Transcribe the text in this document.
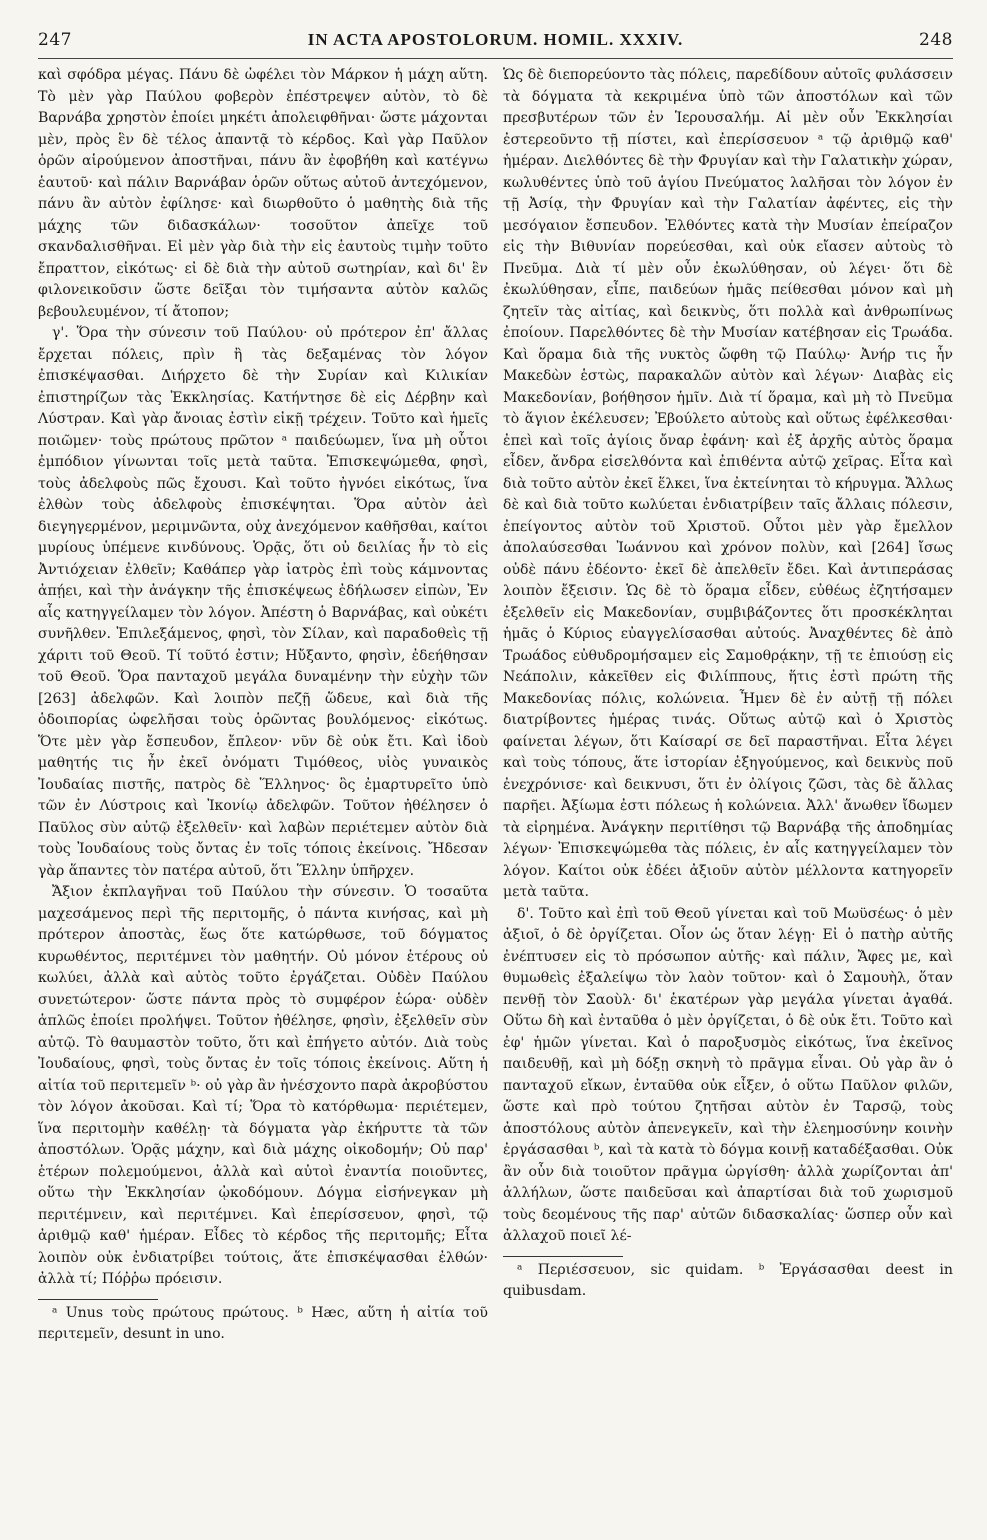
247	IN ACTA APOSTOLORUM. HOMIL. XXXIV.	248

καὶ σφόδρα μέγας. Πάνυ δὲ ὠφέλει τὸν Μάρκον ἡ μάχη αὕτη. Τὸ μὲν γὰρ Παύλου φοβερὸν ἐπέστρεψεν αὐτὸν, τὸ δὲ Βαρνάβα χρηστὸν ἐποίει μηκέτι ἀπολειφθῆναι· ὥστε μάχονται μὲν, πρὸς ἓν δὲ τέλος ἀπαντᾷ τὸ κέρδος. Καὶ γὰρ Παῦλον ὁρῶν αἱρούμενον ἀποστῆναι, πάνυ ἂν ἐφοβήθη καὶ κατέγνω ἑαυτοῦ· καὶ πάλιν Βαρνάβαν ὁρῶν οὕτως αὐτοῦ ἀντεχόμενον, πάνυ ἂν αὐτὸν ἐφίλησε· καὶ διωρθοῦτο ὁ μαθητὴς διὰ τῆς μάχης τῶν διδασκάλων· τοσοῦτον ἀπεῖχε τοῦ σκανδαλισθῆναι. Εἰ μὲν γὰρ διὰ τὴν εἰς ἑαυτοὺς τιμὴν τοῦτο ἔπραττον, εἰκότως· εἰ δὲ διὰ τὴν αὐτοῦ σωτηρίαν, καὶ δι' ἓν φιλονεικοῦσιν ὥστε δεῖξαι τὸν τιμήσαντα αὐτὸν καλῶς βεβουλευμένον, τί ἄτοπον;

γ'. Ὅρα τὴν σύνεσιν τοῦ Παύλου· οὐ πρότερον ἐπ' ἄλλας ἔρχεται πόλεις, πρὶν ἢ τὰς δεξαμένας τὸν λόγον ἐπισκέψασθαι. Διήρχετο δὲ τὴν Συρίαν καὶ Κιλικίαν ἐπιστηρίζων τὰς Ἐκκλησίας. Κατήντησε δὲ εἰς Δέρβην καὶ Λύστραν. Καὶ γὰρ ἄνοιας ἐστὶν εἰκῇ τρέχειν. Τοῦτο καὶ ἡμεῖς ποιῶμεν· τοὺς πρώτους πρῶτον ᵃ παιδεύωμεν, ἵνα μὴ οὗτοι ἐμπόδιον γίνωνται τοῖς μετὰ ταῦτα. Ἐπισκεψώμεθα, φησὶ, τοὺς ἀδελφοὺς πῶς ἔχουσι. Καὶ τοῦτο ἠγνόει εἰκότως, ἵνα ἐλθὼν τοὺς ἀδελφοὺς ἐπισκέψηται. Ὅρα αὐτὸν ἀεὶ διεγηγερμένον, μεριμνῶντα, οὐχ ἀνεχόμενον καθῆσθαι, καίτοι μυρίους ὑπέμενε κινδύνους. Ὁρᾷς, ὅτι οὐ δειλίας ἦν τὸ εἰς Ἀντιόχειαν ἐλθεῖν; Καθάπερ γὰρ ἰατρὸς ἐπὶ τοὺς κάμνοντας ἀπῄει, καὶ τὴν ἀνάγκην τῆς ἐπισκέψεως ἐδήλωσεν εἰπὼν, Ἐν αἷς κατηγγείλαμεν τὸν λόγον. Ἀπέστη ὁ Βαρνάβας, καὶ οὐκέτι συνῆλθεν. Ἐπιλεξάμενος, φησὶ, τὸν Σίλαν, καὶ παραδοθεὶς τῇ χάριτι τοῦ Θεοῦ. Τί τοῦτό ἐστιν; Ηὔξαντο, φησὶν, ἐδεήθησαν τοῦ Θεοῦ. Ὅρα πανταχοῦ μεγάλα δυναμένην τὴν εὐχὴν τῶν [263] ἀδελφῶν. Καὶ λοιπὸν πεζῇ ὥδευε, καὶ διὰ τῆς ὁδοιπορίας ὠφελῆσαι τοὺς ὁρῶντας βουλόμενος· εἰκότως. Ὅτε μὲν γὰρ ἔσπευδον, ἔπλεον· νῦν δὲ οὐκ ἔτι. Καὶ ἰδοὺ μαθητής τις ἦν ἐκεῖ ὀνόματι Τιμόθεος, υἱὸς γυναικὸς Ἰουδαίας πιστῆς, πατρὸς δὲ Ἕλληνος· ὃς ἐμαρτυρεῖτο ὑπὸ τῶν ἐν Λύστροις καὶ Ἰκονίῳ ἀδελφῶν. Τοῦτον ἠθέλησεν ὁ Παῦλος σὺν αὐτῷ ἐξελθεῖν· καὶ λαβὼν περιέτεμεν αὐτὸν διὰ τοὺς Ἰουδαίους τοὺς ὄντας ἐν τοῖς τόποις ἐκείνοις. Ἤδεσαν γὰρ ἅπαντες τὸν πατέρα αὐτοῦ, ὅτι Ἕλλην ὑπῆρχεν.

Ἄξιον ἐκπλαγῆναι τοῦ Παύλου τὴν σύνεσιν. Ὁ τοσαῦτα μαχεσάμενος περὶ τῆς περιτομῆς, ὁ πάντα κινήσας, καὶ μὴ πρότερον ἀποστὰς, ἕως ὅτε κατώρθωσε, τοῦ δόγματος κυρωθέντος, περιτέμνει τὸν μαθητήν. Οὐ μόνον ἑτέρους οὐ κωλύει, ἀλλὰ καὶ αὐτὸς τοῦτο ἐργάζεται. Οὐδὲν Παύλου συνετώτερον· ὥστε πάντα πρὸς τὸ συμφέρον ἑώρα· οὐδὲν ἁπλῶς ἐποίει προλήψει. Τοῦτον ἠθέλησε, φησὶν, ἐξελθεῖν σὺν αὐτῷ. Τὸ θαυμαστὸν τοῦτο, ὅτι καὶ ἐπήγετο αὐτόν. Διὰ τοὺς Ἰουδαίους, φησὶ, τοὺς ὄντας ἐν τοῖς τόποις ἐκείνοις. Αὕτη ἡ αἰτία τοῦ περιτεμεῖν ᵇ· οὐ γὰρ ἂν ἠνέσχοντο παρὰ ἀκροβύστου τὸν λόγον ἀκοῦσαι. Καὶ τί; Ὅρα τὸ κατόρθωμα· περιέτεμεν, ἵνα περιτομὴν καθέλῃ· τὰ δόγματα γὰρ ἐκήρυττε τὰ τῶν ἀποστόλων. Ὁρᾷς μάχην, καὶ διὰ μάχης οἰκοδομήν; Οὐ παρ' ἑτέρων πολεμούμενοι, ἀλλὰ καὶ αὐτοὶ ἐναντία ποιοῦντες, οὕτω τὴν Ἐκκλησίαν ᾠκοδόμουν. Δόγμα εἰσήνεγκαν μὴ περιτέμνειν, καὶ περιτέμνει. Καὶ ἐπερίσσευον, φησὶ, τῷ ἀριθμῷ καθ' ἡμέραν. Εἶδες τὸ κέρδος τῆς περιτομῆς; Εἶτα λοιπὸν οὐκ ἐνδιατρίβει τούτοις, ἅτε ἐπισκέψασθαι ἐλθών· ἀλλὰ τί; Πόῤῥω πρόεισιν.

ᵃ Unus τοὺς πρώτους πρώτους. ᵇ Hæc, αὕτη ἡ αἰτία τοῦ περιτεμεῖν, desunt in uno.

Ὡς δὲ διεπορεύοντο τὰς πόλεις, παρεδίδουν αὐτοῖς φυλάσσειν τὰ δόγματα τὰ κεκριμένα ὑπὸ τῶν ἀποστόλων καὶ τῶν πρεσβυτέρων τῶν ἐν Ἱερουσαλήμ. Αἱ μὲν οὖν Ἐκκλησίαι ἐστερεοῦντο τῇ πίστει, καὶ ἐπερίσσευον ᵃ τῷ ἀριθμῷ καθ' ἡμέραν. Διελθόντες δὲ τὴν Φρυγίαν καὶ τὴν Γαλατικὴν χώραν, κωλυθέντες ὑπὸ τοῦ ἁγίου Πνεύματος λαλῆσαι τὸν λόγον ἐν τῇ Ἀσίᾳ, τὴν Φρυγίαν καὶ τὴν Γαλατίαν ἀφέντες, εἰς τὴν μεσόγαιον ἔσπευδον. Ἐλθόντες κατὰ τὴν Μυσίαν ἐπείραζον εἰς τὴν Βιθυνίαν πορεύεσθαι, καὶ οὐκ εἴασεν αὐτοὺς τὸ Πνεῦμα. Διὰ τί μὲν οὖν ἐκωλύθησαν, οὐ λέγει· ὅτι δὲ ἐκωλύθησαν, εἶπε, παιδεύων ἡμᾶς πείθεσθαι μόνον καὶ μὴ ζητεῖν τὰς αἰτίας, καὶ δεικνὺς, ὅτι πολλὰ καὶ ἀνθρωπίνως ἐποίουν. Παρελθόντες δὲ τὴν Μυσίαν κατέβησαν εἰς Τρωάδα. Καὶ ὅραμα διὰ τῆς νυκτὸς ὤφθη τῷ Παύλῳ· Ἀνήρ τις ἦν Μακεδὼν ἑστὼς, παρακαλῶν αὐτὸν καὶ λέγων· Διαβὰς εἰς Μακεδονίαν, βοήθησον ἡμῖν. Διὰ τί ὅραμα, καὶ μὴ τὸ Πνεῦμα τὸ ἅγιον ἐκέλευσεν; Ἐβούλετο αὐτοὺς καὶ οὕτως ἐφέλκεσθαι· ἐπεὶ καὶ τοῖς ἁγίοις ὄναρ ἐφάνη· καὶ ἐξ ἀρχῆς αὐτὸς ὅραμα εἶδεν, ἄνδρα εἰσελθόντα καὶ ἐπιθέντα αὐτῷ χεῖρας. Εἶτα καὶ διὰ τοῦτο αὐτὸν ἐκεῖ ἕλκει, ἵνα ἐκτείνηται τὸ κήρυγμα. Ἄλλως δὲ καὶ διὰ τοῦτο κωλύεται ἐνδιατρίβειν ταῖς ἄλλαις πόλεσιν, ἐπείγοντος αὐτὸν τοῦ Χριστοῦ. Οὗτοι μὲν γὰρ ἔμελλον ἀπολαύσεσθαι Ἰωάννου καὶ χρόνον πολὺν, καὶ [264] ἴσως οὐδὲ πάνυ ἐδέοντο· ἐκεῖ δὲ ἀπελθεῖν ἔδει. Καὶ ἀντιπεράσας λοιπὸν ἔξεισιν. Ὡς δὲ τὸ ὅραμα εἶδεν, εὐθέως ἐζητήσαμεν ἐξελθεῖν εἰς Μακεδονίαν, συμβιβάζοντες ὅτι προσκέκληται ἡμᾶς ὁ Κύριος εὐαγγελίσασθαι αὐτούς. Ἀναχθέντες δὲ ἀπὸ Τρωάδος εὐθυδρομήσαμεν εἰς Σαμοθρᾴκην, τῇ τε ἐπιούσῃ εἰς Νεάπολιν, κἀκεῖθεν εἰς Φιλίππους, ἥτις ἐστὶ πρώτη τῆς Μακεδονίας πόλις, κολώνεια. Ἦμεν δὲ ἐν αὐτῇ τῇ πόλει διατρίβοντες ἡμέρας τινάς. Οὕτως αὐτῷ καὶ ὁ Χριστὸς φαίνεται λέγων, ὅτι Καίσαρί σε δεῖ παραστῆναι. Εἶτα λέγει καὶ τοὺς τόπους, ἅτε ἱστορίαν ἐξηγούμενος, καὶ δεικνὺς ποῦ ἐνεχρόνισε· καὶ δεικνυσι, ὅτι ἐν ὀλίγοις ζῶσι, τὰς δὲ ἄλλας παρῆει. Ἀξίωμα ἐστι πόλεως ἡ κολώνεια. Ἀλλ' ἄνωθεν ἴδωμεν τὰ εἰρημένα. Ἀνάγκην περιτίθησι τῷ Βαρνάβᾳ τῆς ἀποδημίας λέγων· Ἐπισκεψώμεθα τὰς πόλεις, ἐν αἷς κατηγγείλαμεν τὸν λόγον. Καίτοι οὐκ ἐδέει ἀξιοῦν αὐτὸν μέλλοντα κατηγορεῖν μετὰ ταῦτα.

δ'. Τοῦτο καὶ ἐπὶ τοῦ Θεοῦ γίνεται καὶ τοῦ Μωϋσέως· ὁ μὲν ἀξιοῖ, ὁ δὲ ὀργίζεται. Οἷον ὡς ὅταν λέγῃ· Εἰ ὁ πατὴρ αὐτῆς ἐνέπτυσεν εἰς τὸ πρόσωπον αὐτῆς· καὶ πάλιν, Ἄφες με, καὶ θυμωθεὶς ἐξαλείψω τὸν λαὸν τοῦτον· καὶ ὁ Σαμουὴλ, ὅταν πενθῇ τὸν Σαοὺλ· δι' ἑκατέρων γὰρ μεγάλα γίνεται ἀγαθά. Οὕτω δὴ καὶ ἐνταῦθα ὁ μὲν ὀργίζεται, ὁ δὲ οὐκ ἔτι. Τοῦτο καὶ ἐφ' ἡμῶν γίνεται. Καὶ ὁ παροξυσμὸς εἰκότως, ἵνα ἐκεῖνος παιδευθῇ, καὶ μὴ δόξῃ σκηνὴ τὸ πρᾶγμα εἶναι. Οὐ γὰρ ἂν ὁ πανταχοῦ εἴκων, ἐνταῦθα οὐκ εἶξεν, ὁ οὕτω Παῦλον φιλῶν, ὥστε καὶ πρὸ τούτου ζητῆσαι αὐτὸν ἐν Ταρσῷ, τοὺς ἀποστόλους αὐτὸν ἀπενεγκεῖν, καὶ τὴν ἐλεημοσύνην κοινὴν ἐργάσασθαι ᵇ, καὶ τὰ κατὰ τὸ δόγμα κοινῇ καταδέξασθαι. Οὐκ ἂν οὖν διὰ τοιοῦτον πρᾶγμα ὠργίσθη· ἀλλὰ χωρίζονται ἀπ' ἀλλήλων, ὥστε παιδεῦσαι καὶ ἀπαρτίσαι διὰ τοῦ χωρισμοῦ τοὺς δεομένους τῆς παρ' αὐτῶν διδασκαλίας· ὥσπερ οὖν καὶ ἀλλαχοῦ ποιεῖ λέ-

ᵃ Περιέσσευον, sic quidam. ᵇ Ἐργάσασθαι deest in quibusdam.
